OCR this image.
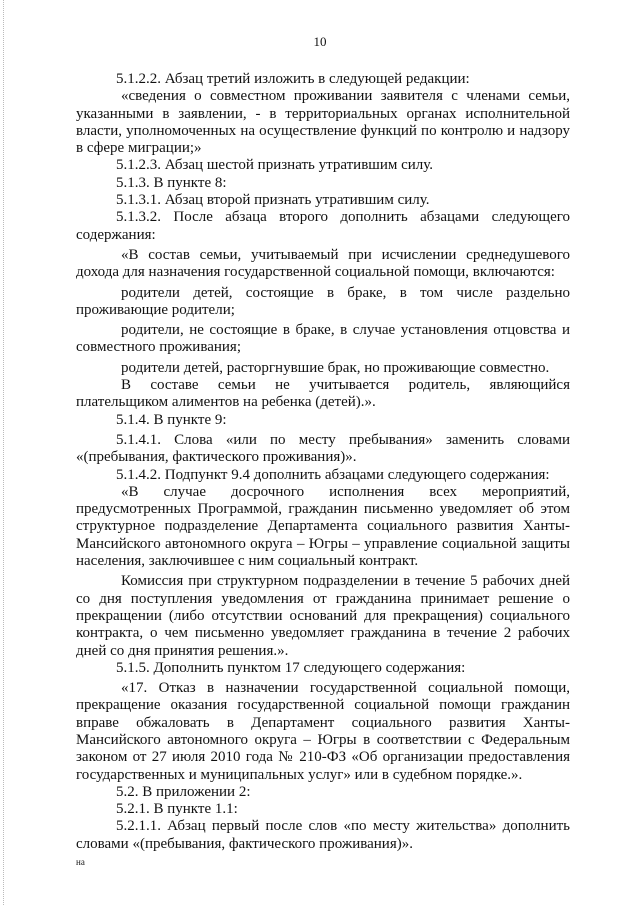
10

5.1.2.2. Абзац третий изложить в следующей редакции:

«сведения о совместном проживании заявителя с членами семьи, указанными в заявлении, - в территориальных органах исполнительной власти, уполномоченных на осуществление функций по контролю и надзору в сфере миграции;»

5.1.2.3. Абзац шестой признать утратившим силу.

5.1.3. В пункте 8:

5.1.3.1. Абзац второй признать утратившим силу.

5.1.3.2. После абзаца второго дополнить абзацами следующего содержания:

«В состав семьи, учитываемый при исчислении среднедушевого дохода для назначения государственной социальной помощи, включаются:

родители детей, состоящие в браке, в том числе раздельно проживающие родители;

родители, не состоящие в браке, в случае установления отцовства и совместного проживания;

родители детей, расторгнувшие брак, но проживающие совместно.

В составе семьи не учитывается родитель, являющийся плательщиком алиментов на ребенка (детей).».

5.1.4. В пункте 9:

5.1.4.1. Слова «или по месту пребывания» заменить словами «(пребывания, фактического проживания)».

5.1.4.2. Подпункт 9.4 дополнить абзацами следующего содержания:

«В случае досрочного исполнения всех мероприятий, предусмотренных Программой, гражданин письменно уведомляет об этом структурное подразделение Департамента социального развития Ханты-Мансийского автономного округа – Югры – управление социальной защиты населения, заключившее с ним социальный контракт.

Комиссия при структурном подразделении в течение 5 рабочих дней со дня поступления уведомления от гражданина принимает решение о прекращении (либо отсутствии оснований для прекращения) социального контракта, о чем письменно уведомляет гражданина в течение 2 рабочих дней со дня принятия решения.».

5.1.5. Дополнить пунктом 17 следующего содержания:

«17. Отказ в назначении государственной социальной помощи, прекращение оказания государственной социальной помощи гражданин вправе обжаловать в Департамент социального развития Ханты-Мансийского автономного округа – Югры в соответствии с Федеральным законом от 27 июля 2010 года № 210-ФЗ «Об организации предоставления государственных и муниципальных услуг» или в судебном порядке.».

5.2. В приложении 2:

5.2.1. В пункте 1.1:

5.2.1.1. Абзац первый после слов «по месту жительства» дополнить словами «(пребывания, фактического проживания)».

на
